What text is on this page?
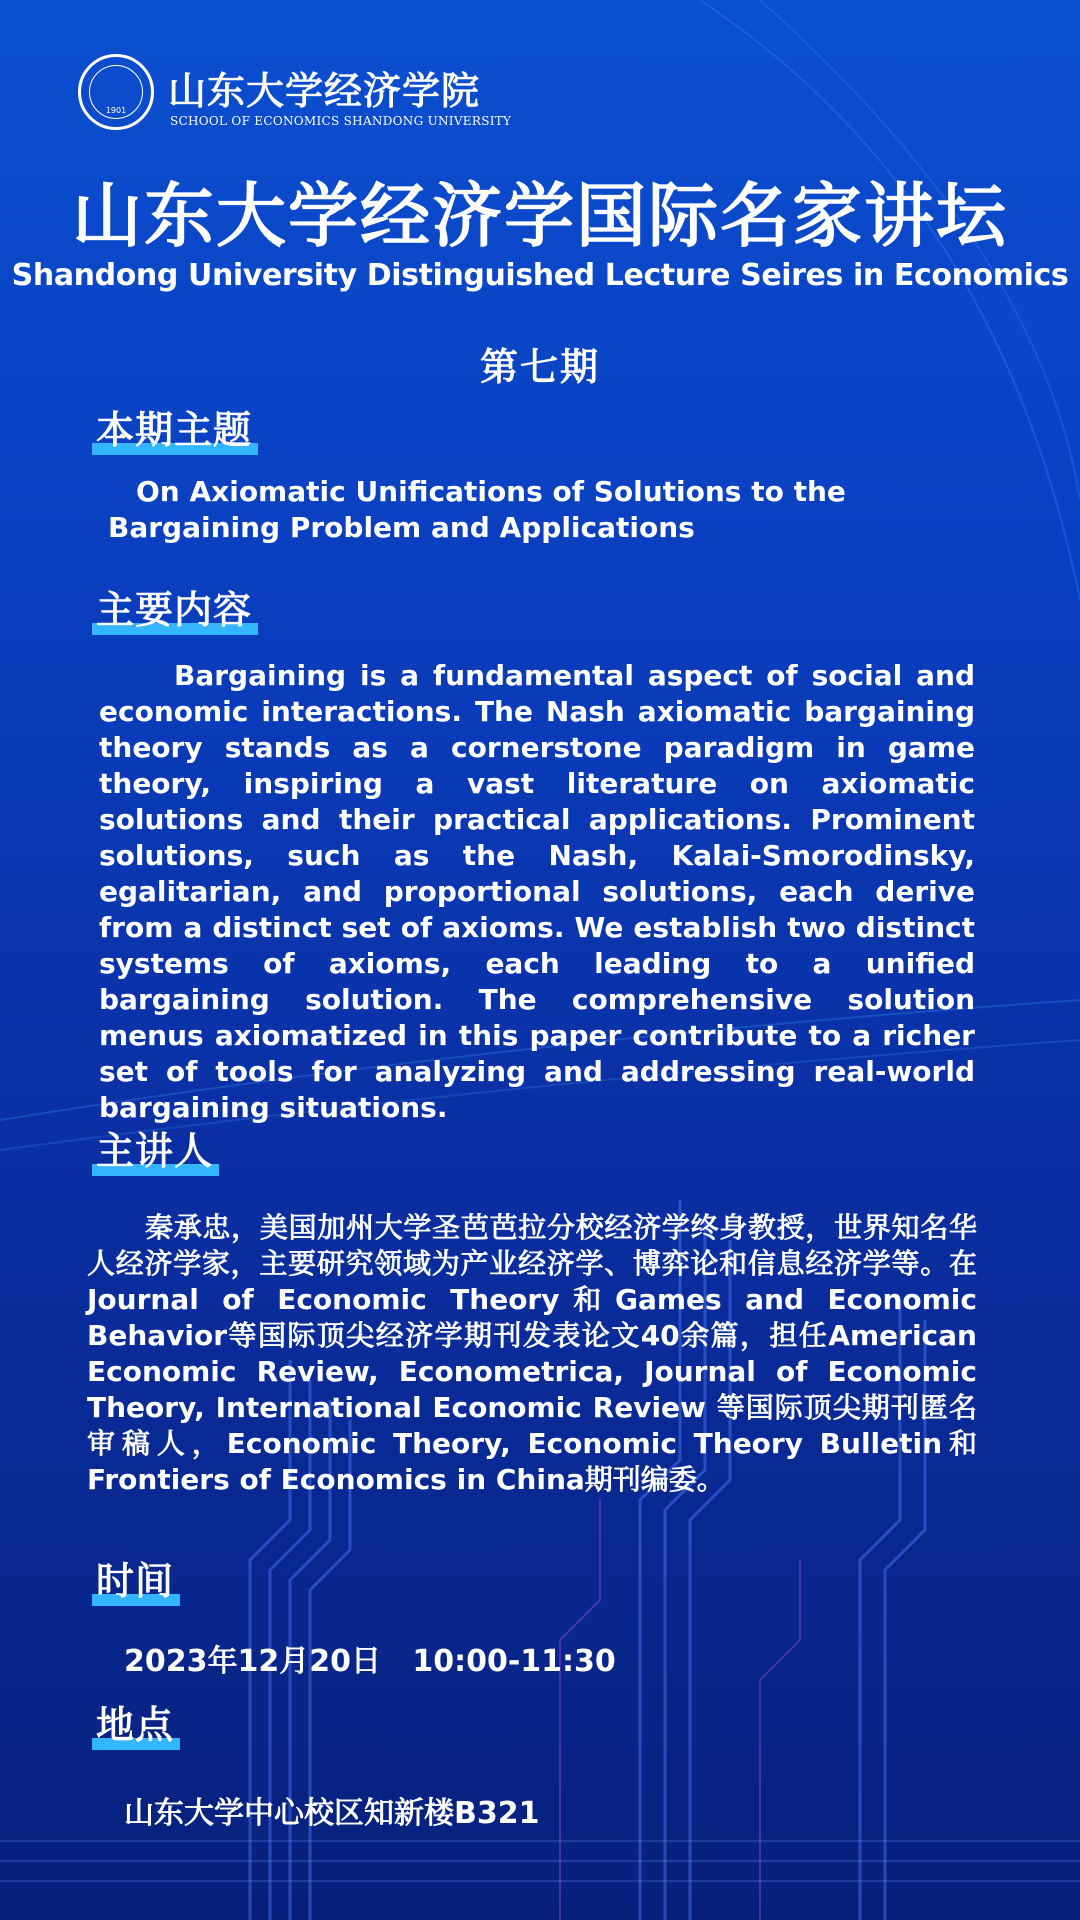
1901	山东大学经济学院
SCHOOL OF ECONOMICS SHANDONG UNIVERSITY
山东大学经济学国际名家讲坛
Shandong University Distinguished Lecture Seires in Economics
第七期
本期主题
On Axiomatic Unifications of Solutions to the Bargaining Problem and Applications
主要内容
Bargaining is a fundamental aspect of social and economic interactions. The Nash axiomatic bargaining theory stands as a cornerstone paradigm in game theory, inspiring a vast literature on axiomatic solutions and their practical applications. Prominent solutions, such as the Nash, Kalai-Smorodinsky, egalitarian, and proportional solutions, each derive from a distinct set of axioms. We establish two distinct systems of axioms, each leading to a unified bargaining solution. The comprehensive solution menus axiomatized in this paper contribute to a richer set of tools for analyzing and addressing real-world bargaining situations.
主讲人
秦承忠，美国加州大学圣芭芭拉分校经济学终身教授，世界知名华人经济学家，主要研究领域为产业经济学、博弈论和信息经济学等。在Journal of Economic Theory和Games and Economic Behavior等国际顶尖经济学期刊发表论文40余篇，担任American Economic Review, Econometrica, Journal of Economic Theory, International Economic Review 等国际顶尖期刊匿名审稿人，Economic Theory, Economic Theory Bulletin和Frontiers of Economics in China期刊编委。
时间
2023年12月20日   10:00-11:30
地点
山东大学中心校区知新楼B321
